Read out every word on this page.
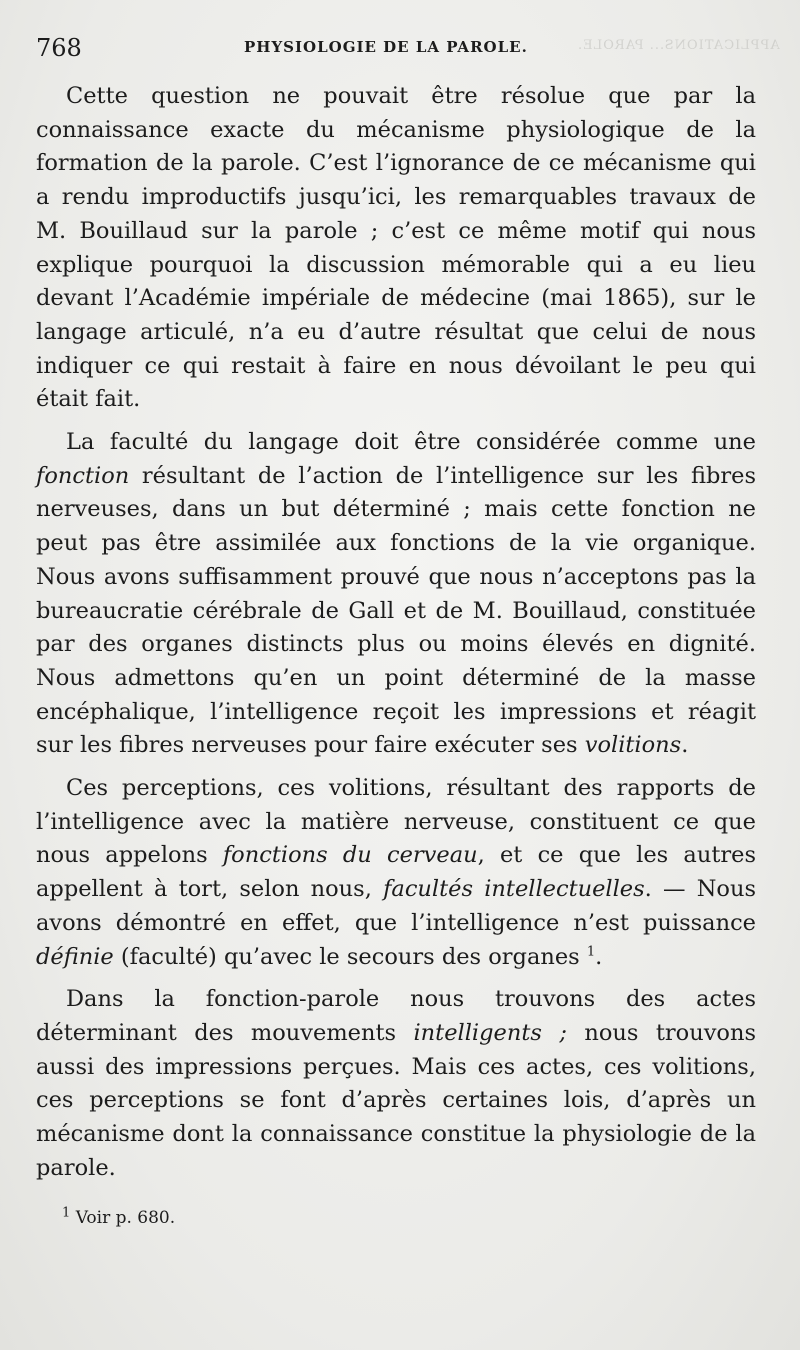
APPLICATIONS... PAROLE.
768	PHYSIOLOGIE DE LA PAROLE.

Cette question ne pouvait être résolue que par la connaissance exacte du mécanisme physiologique de la formation de la parole. C’est l’ignorance de ce mécanisme qui a rendu improductifs jusqu’ici, les remarquables travaux de M. Bouillaud sur la parole ; c’est ce même motif qui nous explique pourquoi la discussion mémorable qui a eu lieu devant l’Académie impériale de médecine (mai 1865), sur le langage articulé, n’a eu d’autre résultat que celui de nous indiquer ce qui restait à faire en nous dévoilant le peu qui était fait.

La faculté du langage doit être considérée comme une fonction résultant de l’action de l’intelligence sur les fibres nerveuses, dans un but déterminé ; mais cette fonction ne peut pas être assimilée aux fonctions de la vie organique. Nous avons suffisamment prouvé que nous n’acceptons pas la bureaucratie cérébrale de Gall et de M. Bouillaud, constituée par des organes distincts plus ou moins élevés en dignité. Nous admettons qu’en un point déterminé de la masse encéphalique, l’intelligence reçoit les impressions et réagit sur les fibres nerveuses pour faire exécuter ses volitions.

Ces perceptions, ces volitions, résultant des rapports de l’intelligence avec la matière nerveuse, constituent ce que nous appelons fonctions du cerveau, et ce que les autres appellent à tort, selon nous, facultés intellectuelles. — Nous avons démontré en effet, que l’intelligence n’est puissance définie (faculté) qu’avec le secours des organes $^1$.

Dans la fonction-parole nous trouvons des actes déterminant des mouvements intelligents ; nous trouvons aussi des impressions perçues. Mais ces actes, ces volitions, ces perceptions se font d’après certaines lois, d’après un mécanisme dont la connaissance constitue la physiologie de la parole.

$^1$ Voir p. 680.
